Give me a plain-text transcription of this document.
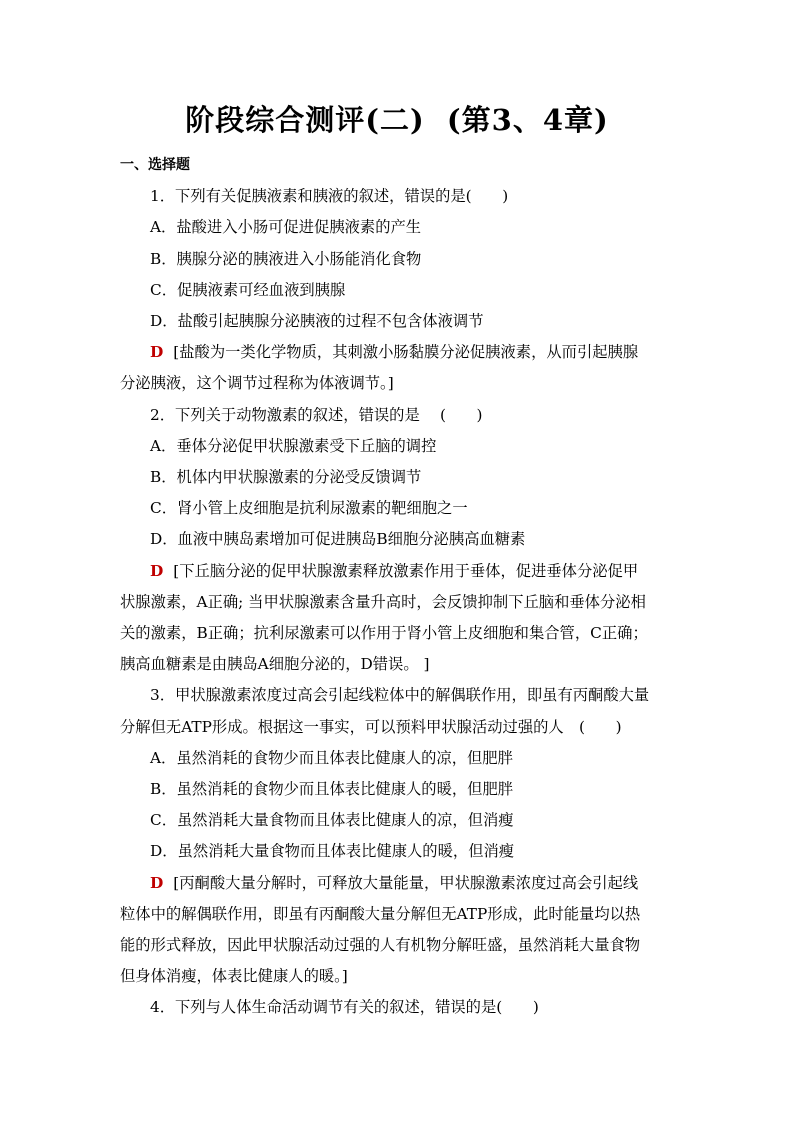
阶段综合测评(二)  (第3、4章)

一、选择题

1．下列有关促胰液素和胰液的叙述，错误的是(　　)

A．盐酸进入小肠可促进促胰液素的产生

B．胰腺分泌的胰液进入小肠能消化食物

C．促胰液素可经血液到胰腺

D．盐酸引起胰腺分泌胰液的过程不包含体液调节

D [盐酸为一类化学物质，其刺激小肠黏膜分泌促胰液素，从而引起胰腺

分泌胰液，这个调节过程称为体液调节。]

2．下列关于动物激素的叙述，错误的是　 (　　)

A．垂体分泌促甲状腺激素受下丘脑的调控

B．机体内甲状腺激素的分泌受反馈调节

C．肾小管上皮细胞是抗利尿激素的靶细胞之一

D．血液中胰岛素增加可促进胰岛B细胞分泌胰高血糖素

D [下丘脑分泌的促甲状腺激素释放激素作用于垂体，促进垂体分泌促甲

状腺激素，A正确; 当甲状腺激素含量升高时，会反馈抑制下丘脑和垂体分泌相

关的激素，B正确；抗利尿激素可以作用于肾小管上皮细胞和集合管，C正确；

胰高血糖素是由胰岛A细胞分泌的，D错误。 ]

3．甲状腺激素浓度过高会引起线粒体中的解偶联作用，即虽有丙酮酸大量

分解但无ATP形成。根据这一事实，可以预料甲状腺活动过强的人　(　　)

A．虽然消耗的食物少而且体表比健康人的凉，但肥胖

B．虽然消耗的食物少而且体表比健康人的暖，但肥胖

C．虽然消耗大量食物而且体表比健康人的凉，但消瘦

D．虽然消耗大量食物而且体表比健康人的暖，但消瘦

D [丙酮酸大量分解时，可释放大量能量，甲状腺激素浓度过高会引起线

粒体中的解偶联作用，即虽有丙酮酸大量分解但无ATP形成，此时能量均以热

能的形式释放，因此甲状腺活动过强的人有机物分解旺盛，虽然消耗大量食物

但身体消瘦，体表比健康人的暖。]

4．下列与人体生命活动调节有关的叙述，错误的是(　　)
